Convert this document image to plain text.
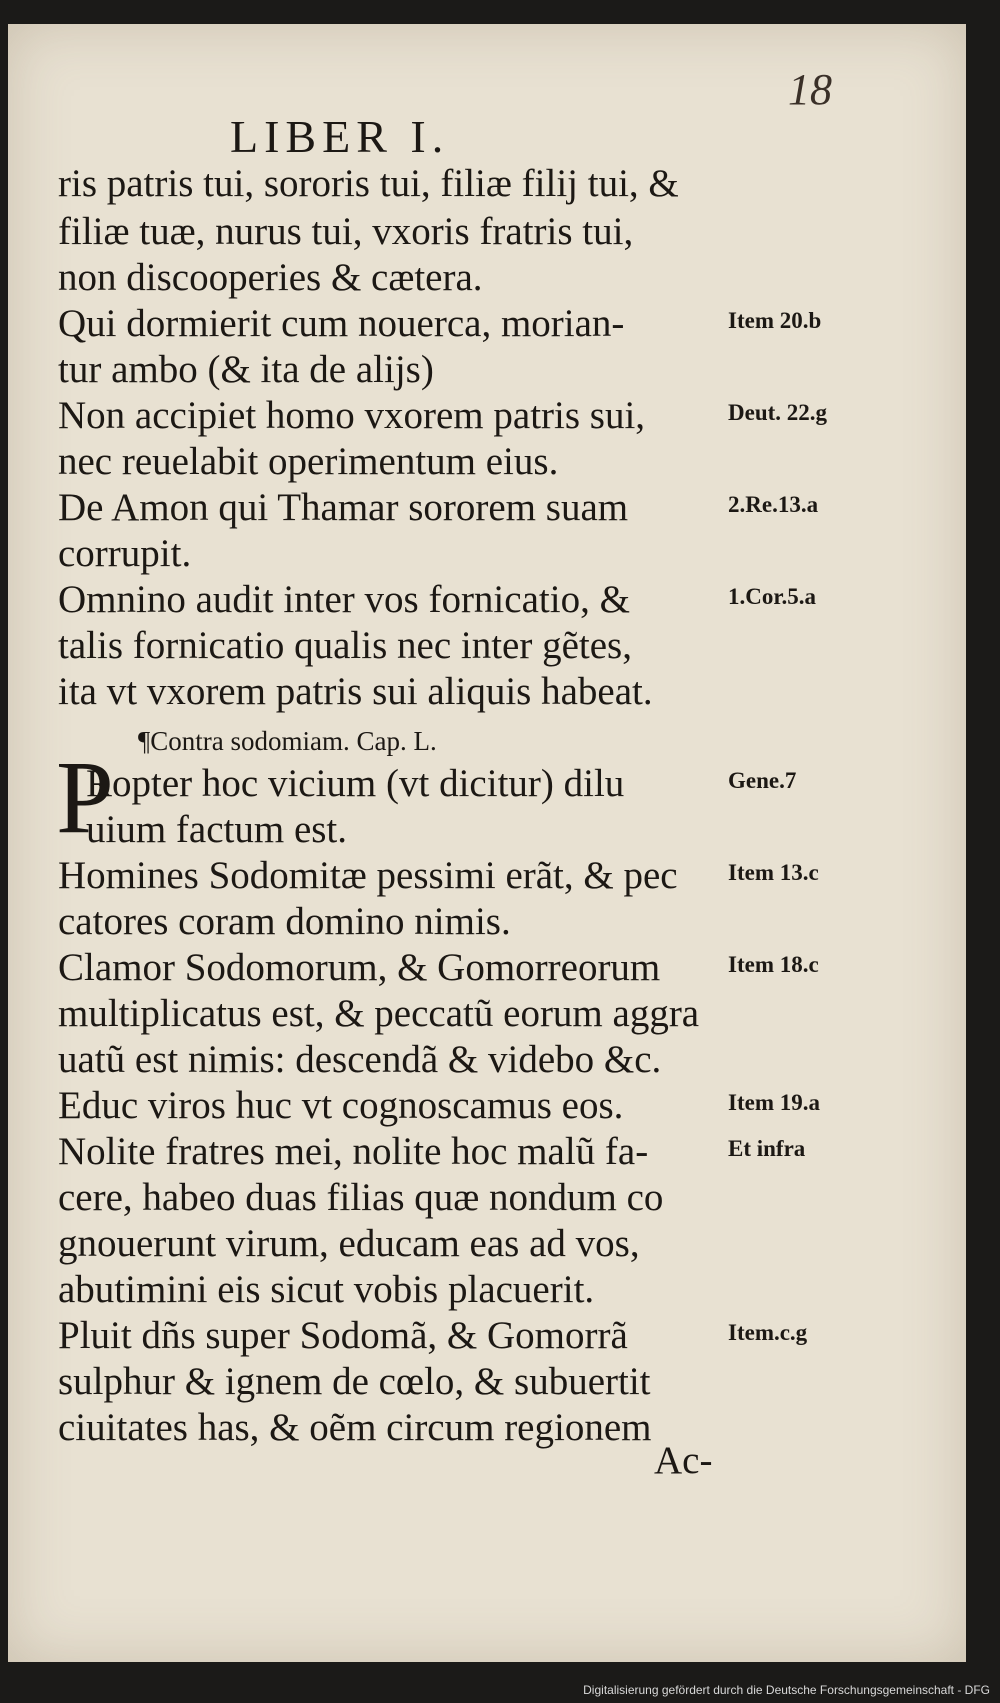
18
LIBER I.
P
ris patris tui, sororis tui, filiæ filij tui, &
filiæ tuæ, nurus tui, vxoris fratris tui,
non discooperies & cætera.
Qui dormierit cum nouerca, morian-
tur ambo (& ita de alijs)
Non accipiet homo vxorem patris sui,
nec reuelabit operimentum eius.
De Amon qui Thamar sororem suam
corrupit.
Omnino audit inter vos fornicatio, &
talis fornicatio qualis nec inter gẽtes,
ita vt vxorem patris sui aliquis habeat.
¶Contra sodomiam. Cap. L.
Ropter hoc vicium (vt dicitur) dilu
uium factum est.
Homines Sodomitæ pessimi erãt, & pec
catores coram domino nimis.
Clamor Sodomorum, & Gomorreorum
multiplicatus est, & peccatũ eorum aggra
uatũ est nimis: descendã & videbo &c.
Educ viros huc vt cognoscamus eos.
Nolite fratres mei, nolite hoc malũ fa-
cere, habeo duas filias quæ nondum co
gnouerunt virum, educam eas ad vos,
abutimini eis sicut vobis placuerit.
Pluit dñs super Sodomã, & Gomorrã
sulphur & ignem de cœlo, & subuertit
ciuitates has, & oẽm circum regionem
Item 20.b
Deut. 22.g
2.Re.13.a
1.Cor.5.a
Gene.7
Item 13.c
Item 18.c
Item 19.a
Et infra
Item.c.g
Ac-
Digitalisierung gefördert durch die Deutsche Forschungsgemeinschaft - DFG
